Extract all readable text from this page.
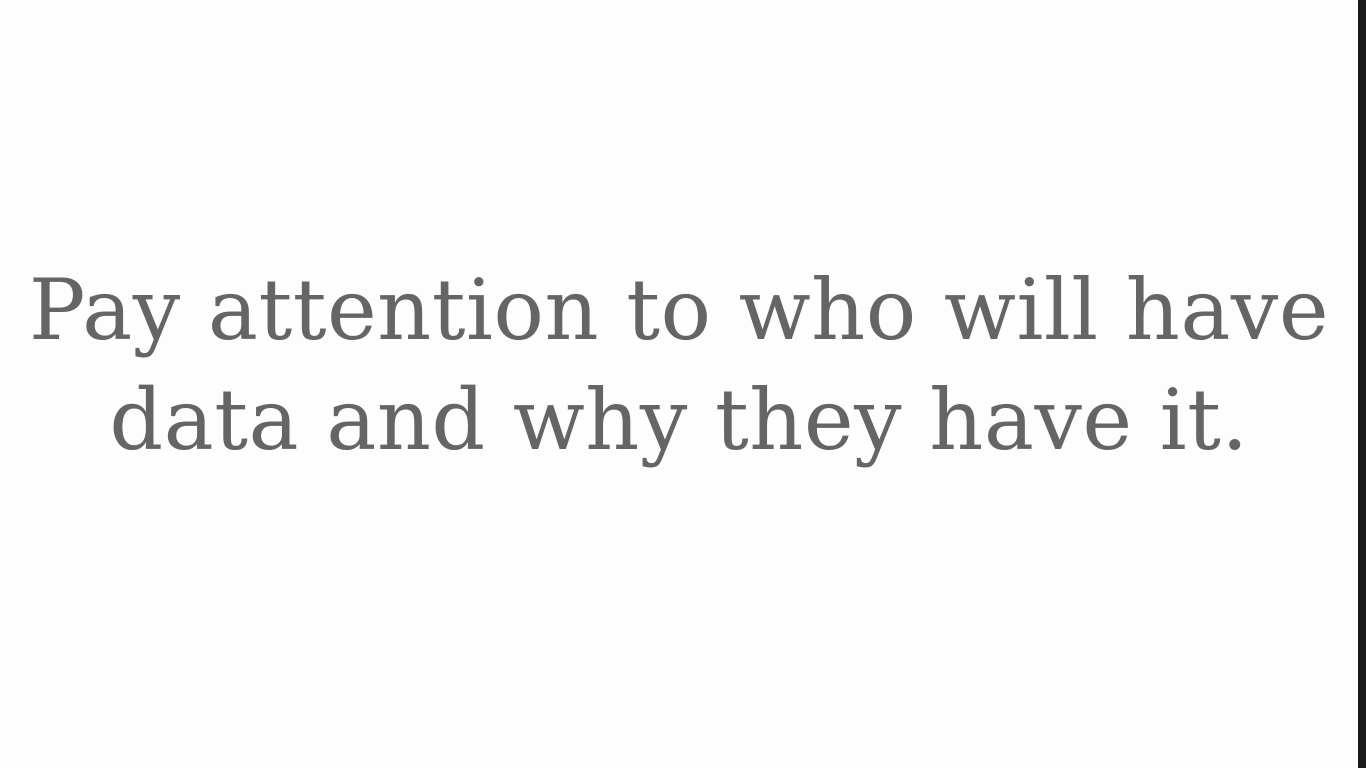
Pay attention to who will have
data and why they have it.
